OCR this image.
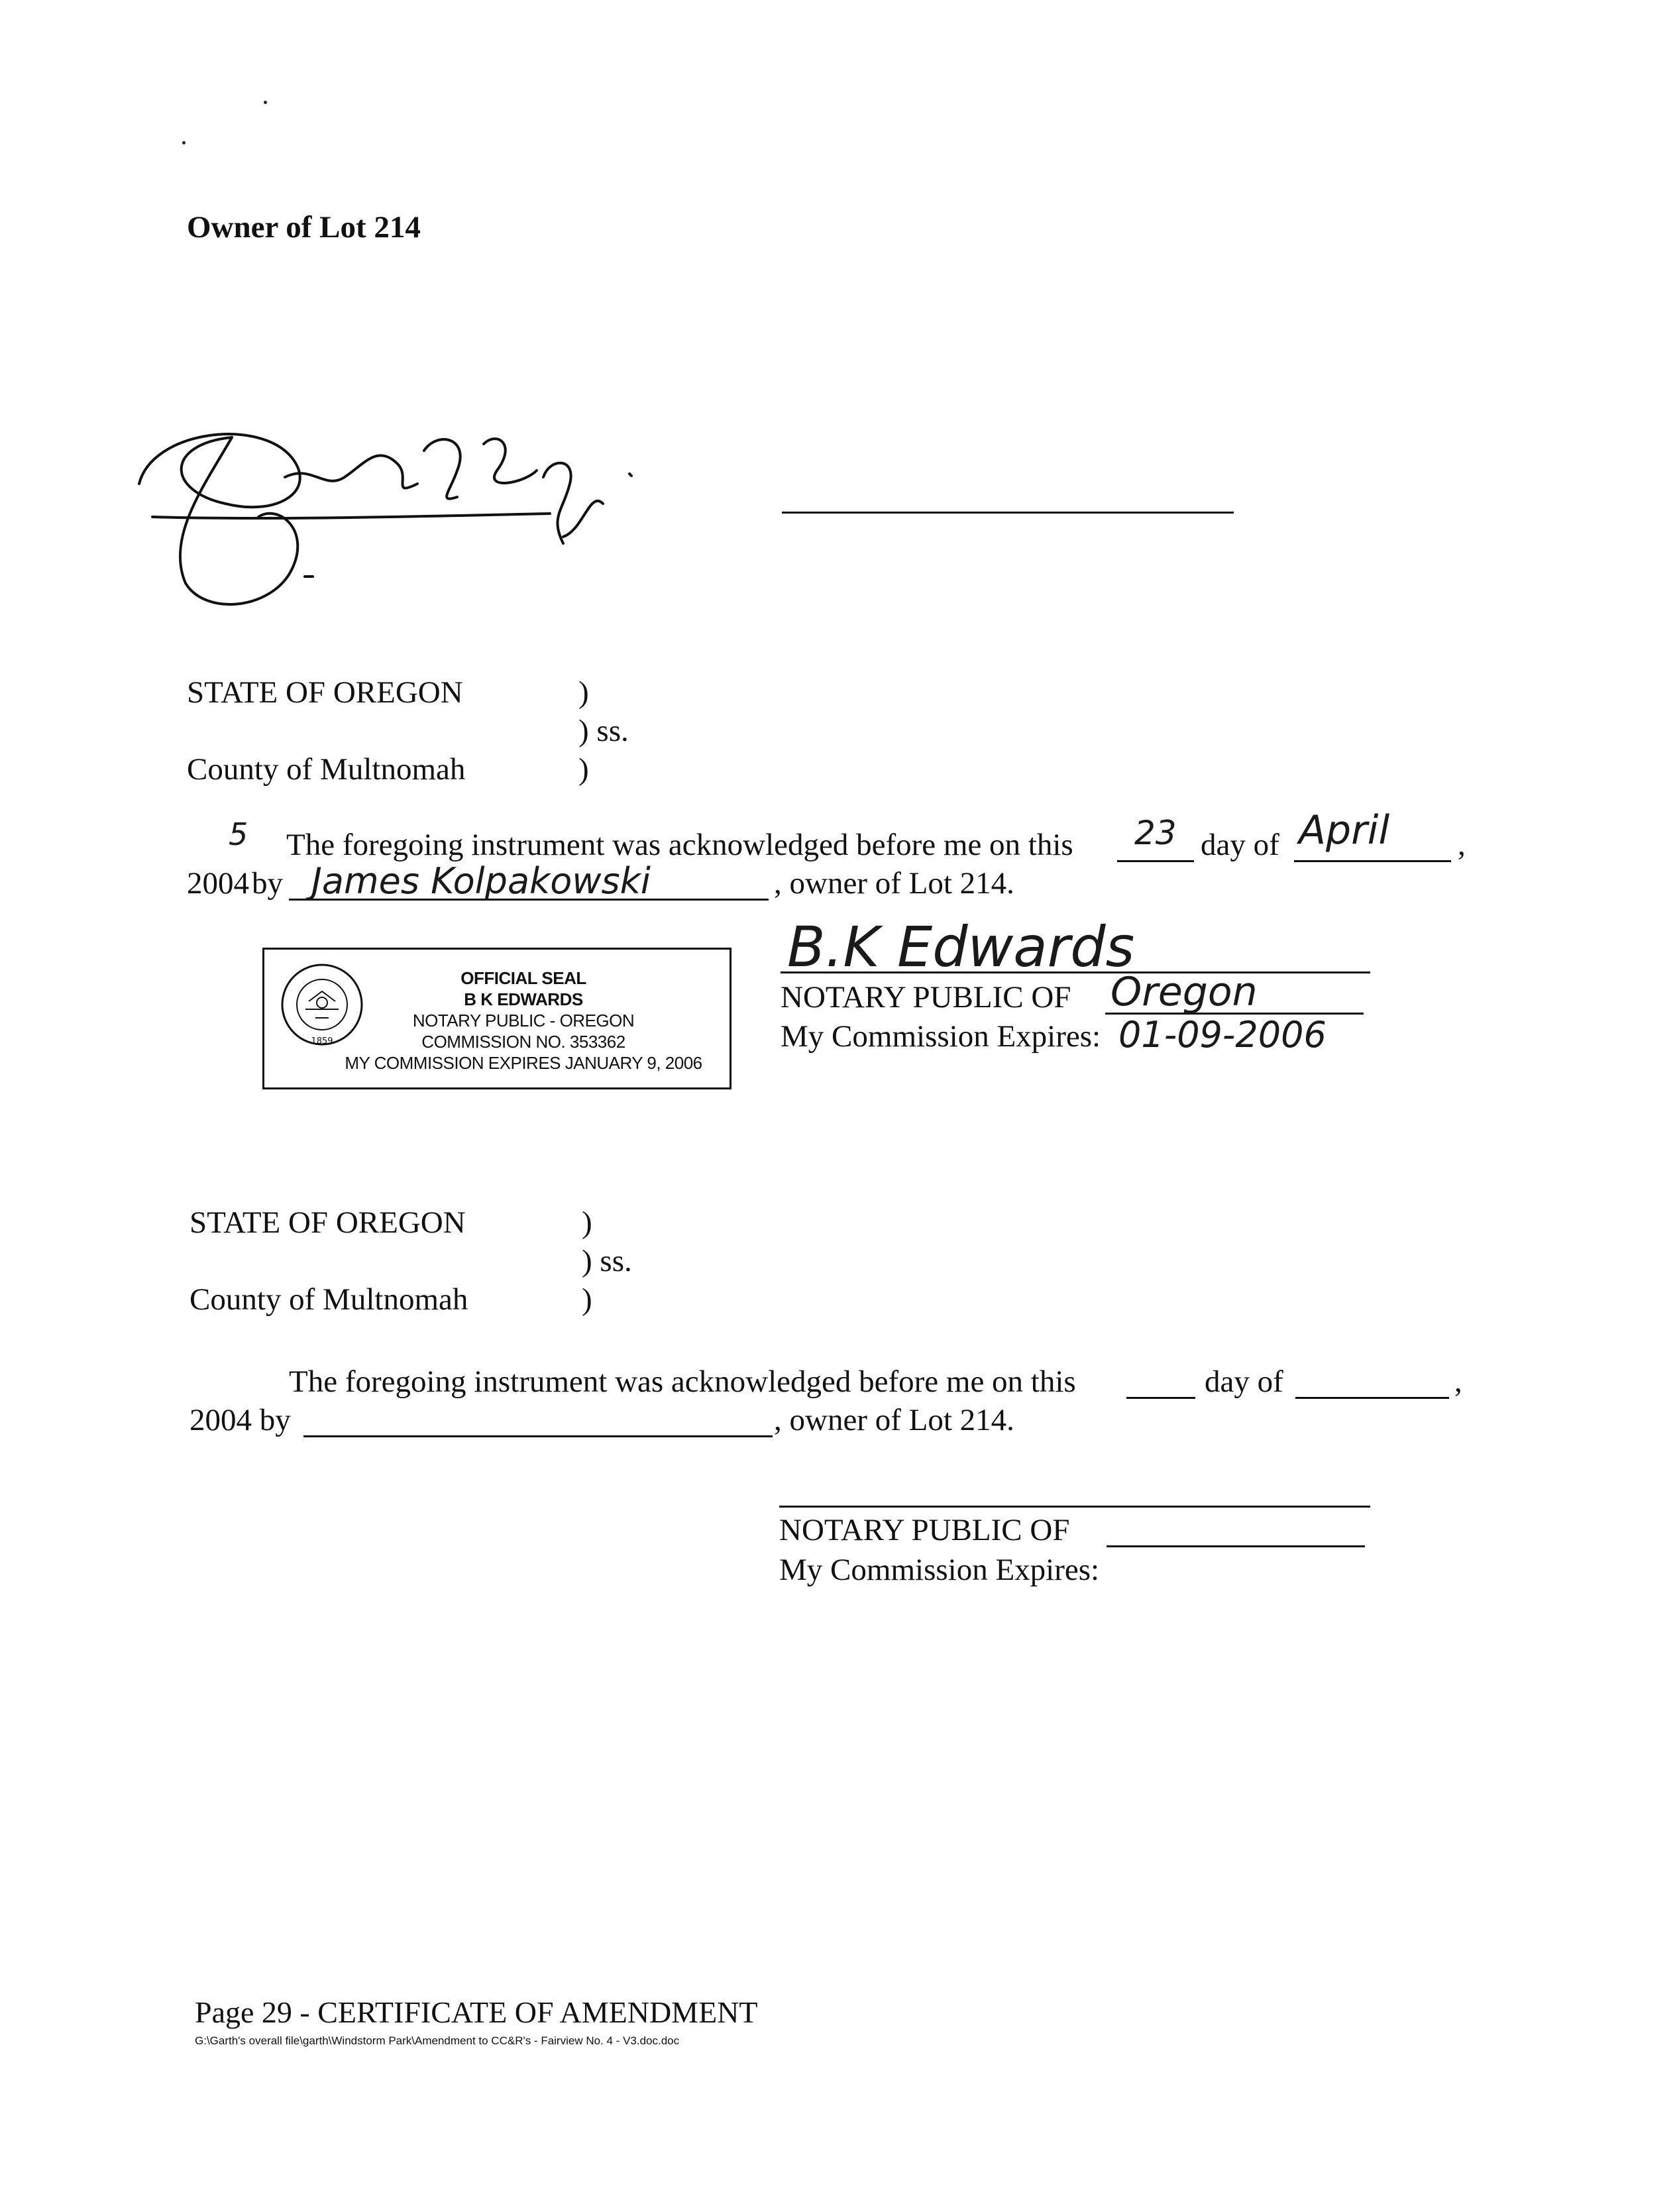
Owner of Lot 214
STATE OF OREGON	)
) ss.
County of Multnomah	)
5 The foregoing instrument was acknowledged before me on this 23 day of April ,
2004 by James Kolpakowski	, owner of Lot 214.
1859
OFFICIAL SEAL
B K EDWARDS
NOTARY PUBLIC - OREGON
COMMISSION NO. 353362
MY COMMISSION EXPIRES JANUARY 9, 2006
B.K Edwards
NOTARY PUBLIC OF Oregon
My Commission Expires: 01-09-2006
STATE OF OREGON	)
) ss.
County of Multnomah	)
The foregoing instrument was acknowledged before me on this	day of	,
2004 by	, owner of Lot 214.
NOTARY PUBLIC OF
My Commission Expires:
Page 29 - CERTIFICATE OF AMENDMENT
G:\Garth's overall file\garth\Windstorm Park\Amendment to CC&R's - Fairview No. 4 - V3.doc.doc
